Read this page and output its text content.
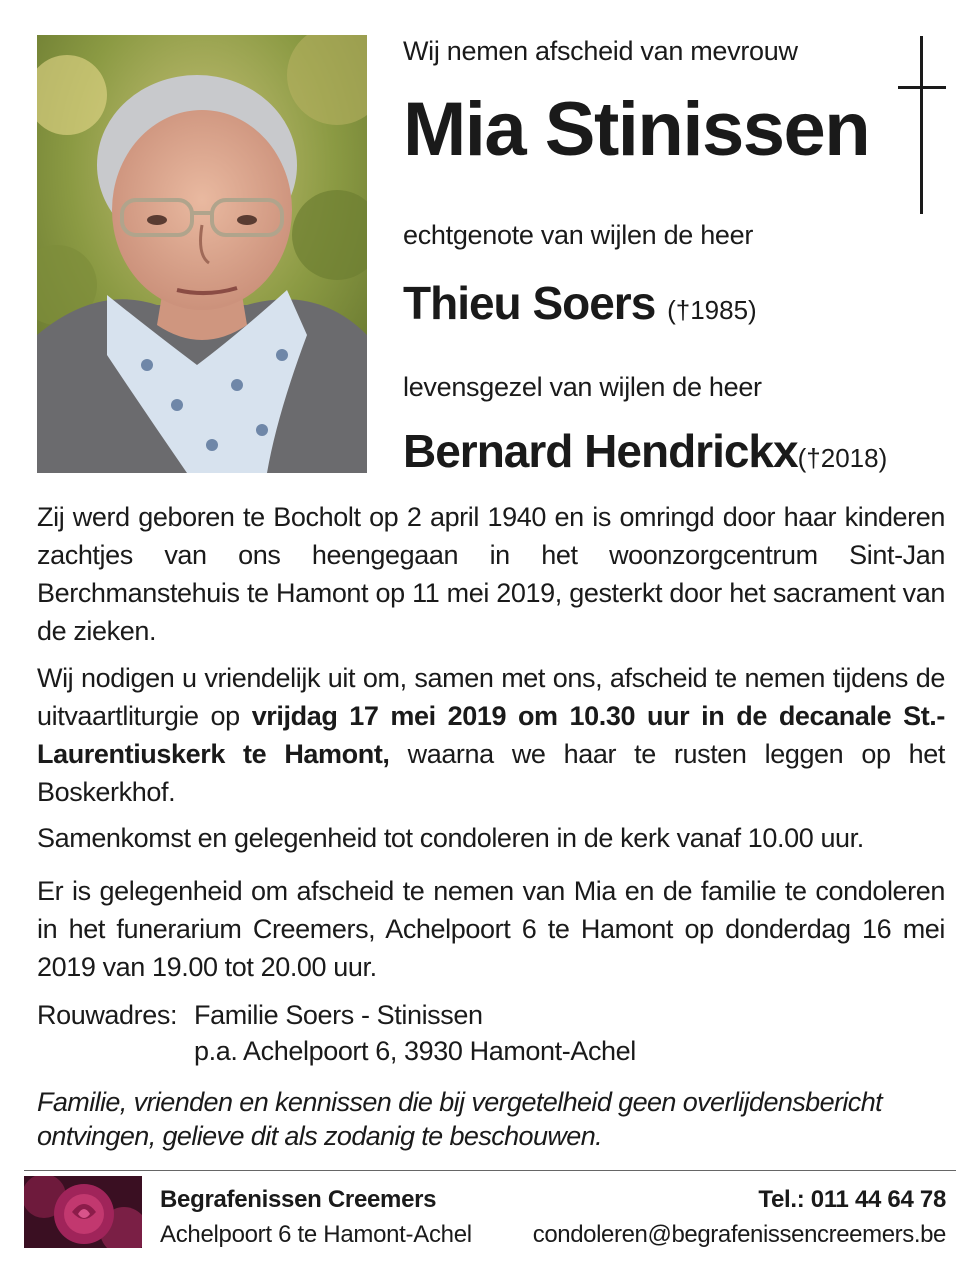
Wij nemen afscheid van mevrouw
Mia Stinissen
echtgenote van wijlen de heer
Thieu Soers (†1985)
levensgezel van wijlen de heer
Bernard Hendrickx(†2018)
Zij werd geboren te Bocholt op 2 april 1940 en is omringd door haar kinderen zachtjes van ons heengegaan in het woonzorgcentrum Sint-Jan Berchmanstehuis te Hamont op 11 mei 2019, gesterkt door het sacrament van de zieken.
Wij nodigen u vriendelijk uit om, samen met ons, afscheid te nemen tijdens de uitvaartliturgie op vrijdag 17 mei 2019 om 10.30 uur in de decanale St.-Laurentiuskerk te Hamont, waarna we haar te rusten leggen op het Boskerkhof.
Samenkomst en gelegenheid tot condoleren in de kerk vanaf 10.00 uur.
Er is gelegenheid om afscheid te nemen van Mia en de familie te condoleren in het funerarium Creemers, Achelpoort 6 te Hamont op donderdag 16 mei 2019 van 19.00 tot 20.00 uur.
Rouwadres: Familie Soers - Stinissen
p.a. Achelpoort 6, 3930 Hamont-Achel
Familie, vrienden en kennissen die bij vergetelheid geen overlijdensbericht ontvingen, gelieve dit als zodanig te beschouwen.
Begrafenissen Creemers
Achelpoort 6 te Hamont-Achel
Tel.: 011 44 64 78
condoleren@begrafenissencreemers.be
